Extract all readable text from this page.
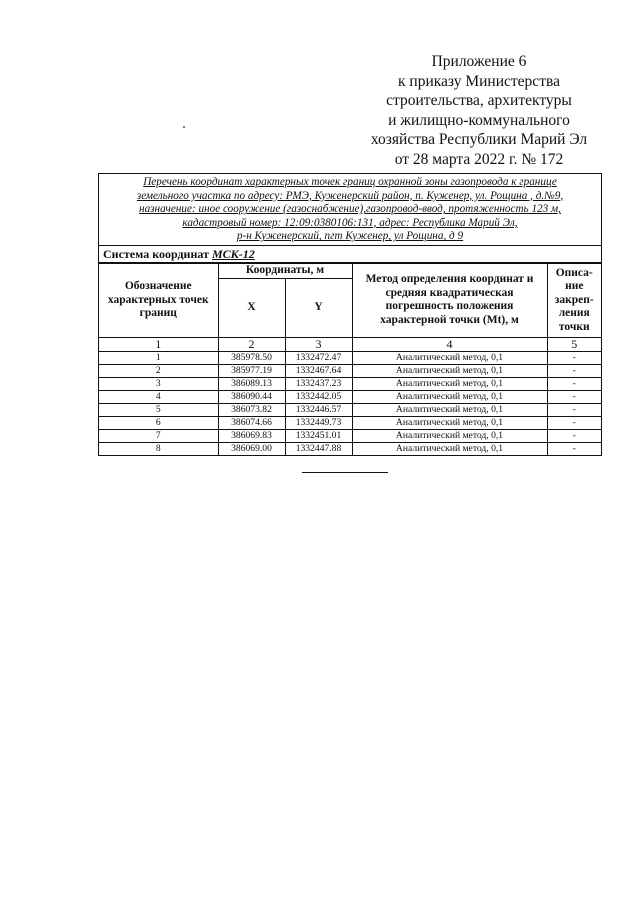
Приложение 6
к приказу Министерства
строительства, архитектуры
и жилищно-коммунального
хозяйства Республики Марий Эл
от 28 марта 2022 г. № 172
Перечень координат характерных точек границ охранной зоны газопровода к границе
земельного участка по адресу: РМЭ, Куженерский район, п. Куженер, ул. Рощина , д.№9,
назначение: иное сооружение (газоснабжение),газопровод-ввод, протяженность 123 м,
кадастровый номер: 12:09:0380106:131, адрес: Республика Марий Эл,
р-н Куженерский, пгт Куженер, ул Рощина, д 9
Система координат МСК-12
Обозначение характерных точек границ	Координаты, м		Метод определения координат и средняя квадратическая погрешность положения характерной точки (Mt), м	Описа-ние закреп-ления точки
	X	Y		
1	2	3	4	5
1	385978.50	1332472.47	Аналитический метод, 0,1	-
2	385977.19	1332467.64	Аналитический метод, 0,1	-
3	386089.13	1332437.23	Аналитический метод, 0,1	-
4	386090.44	1332442.05	Аналитический метод, 0,1	-
5	386073.82	1332446.57	Аналитический метод, 0,1	-
6	386074.66	1332449.73	Аналитический метод, 0,1	-
7	386069.83	1332451.01	Аналитический метод, 0,1	-
8	386069.00	1332447.88	Аналитический метод, 0,1	-
